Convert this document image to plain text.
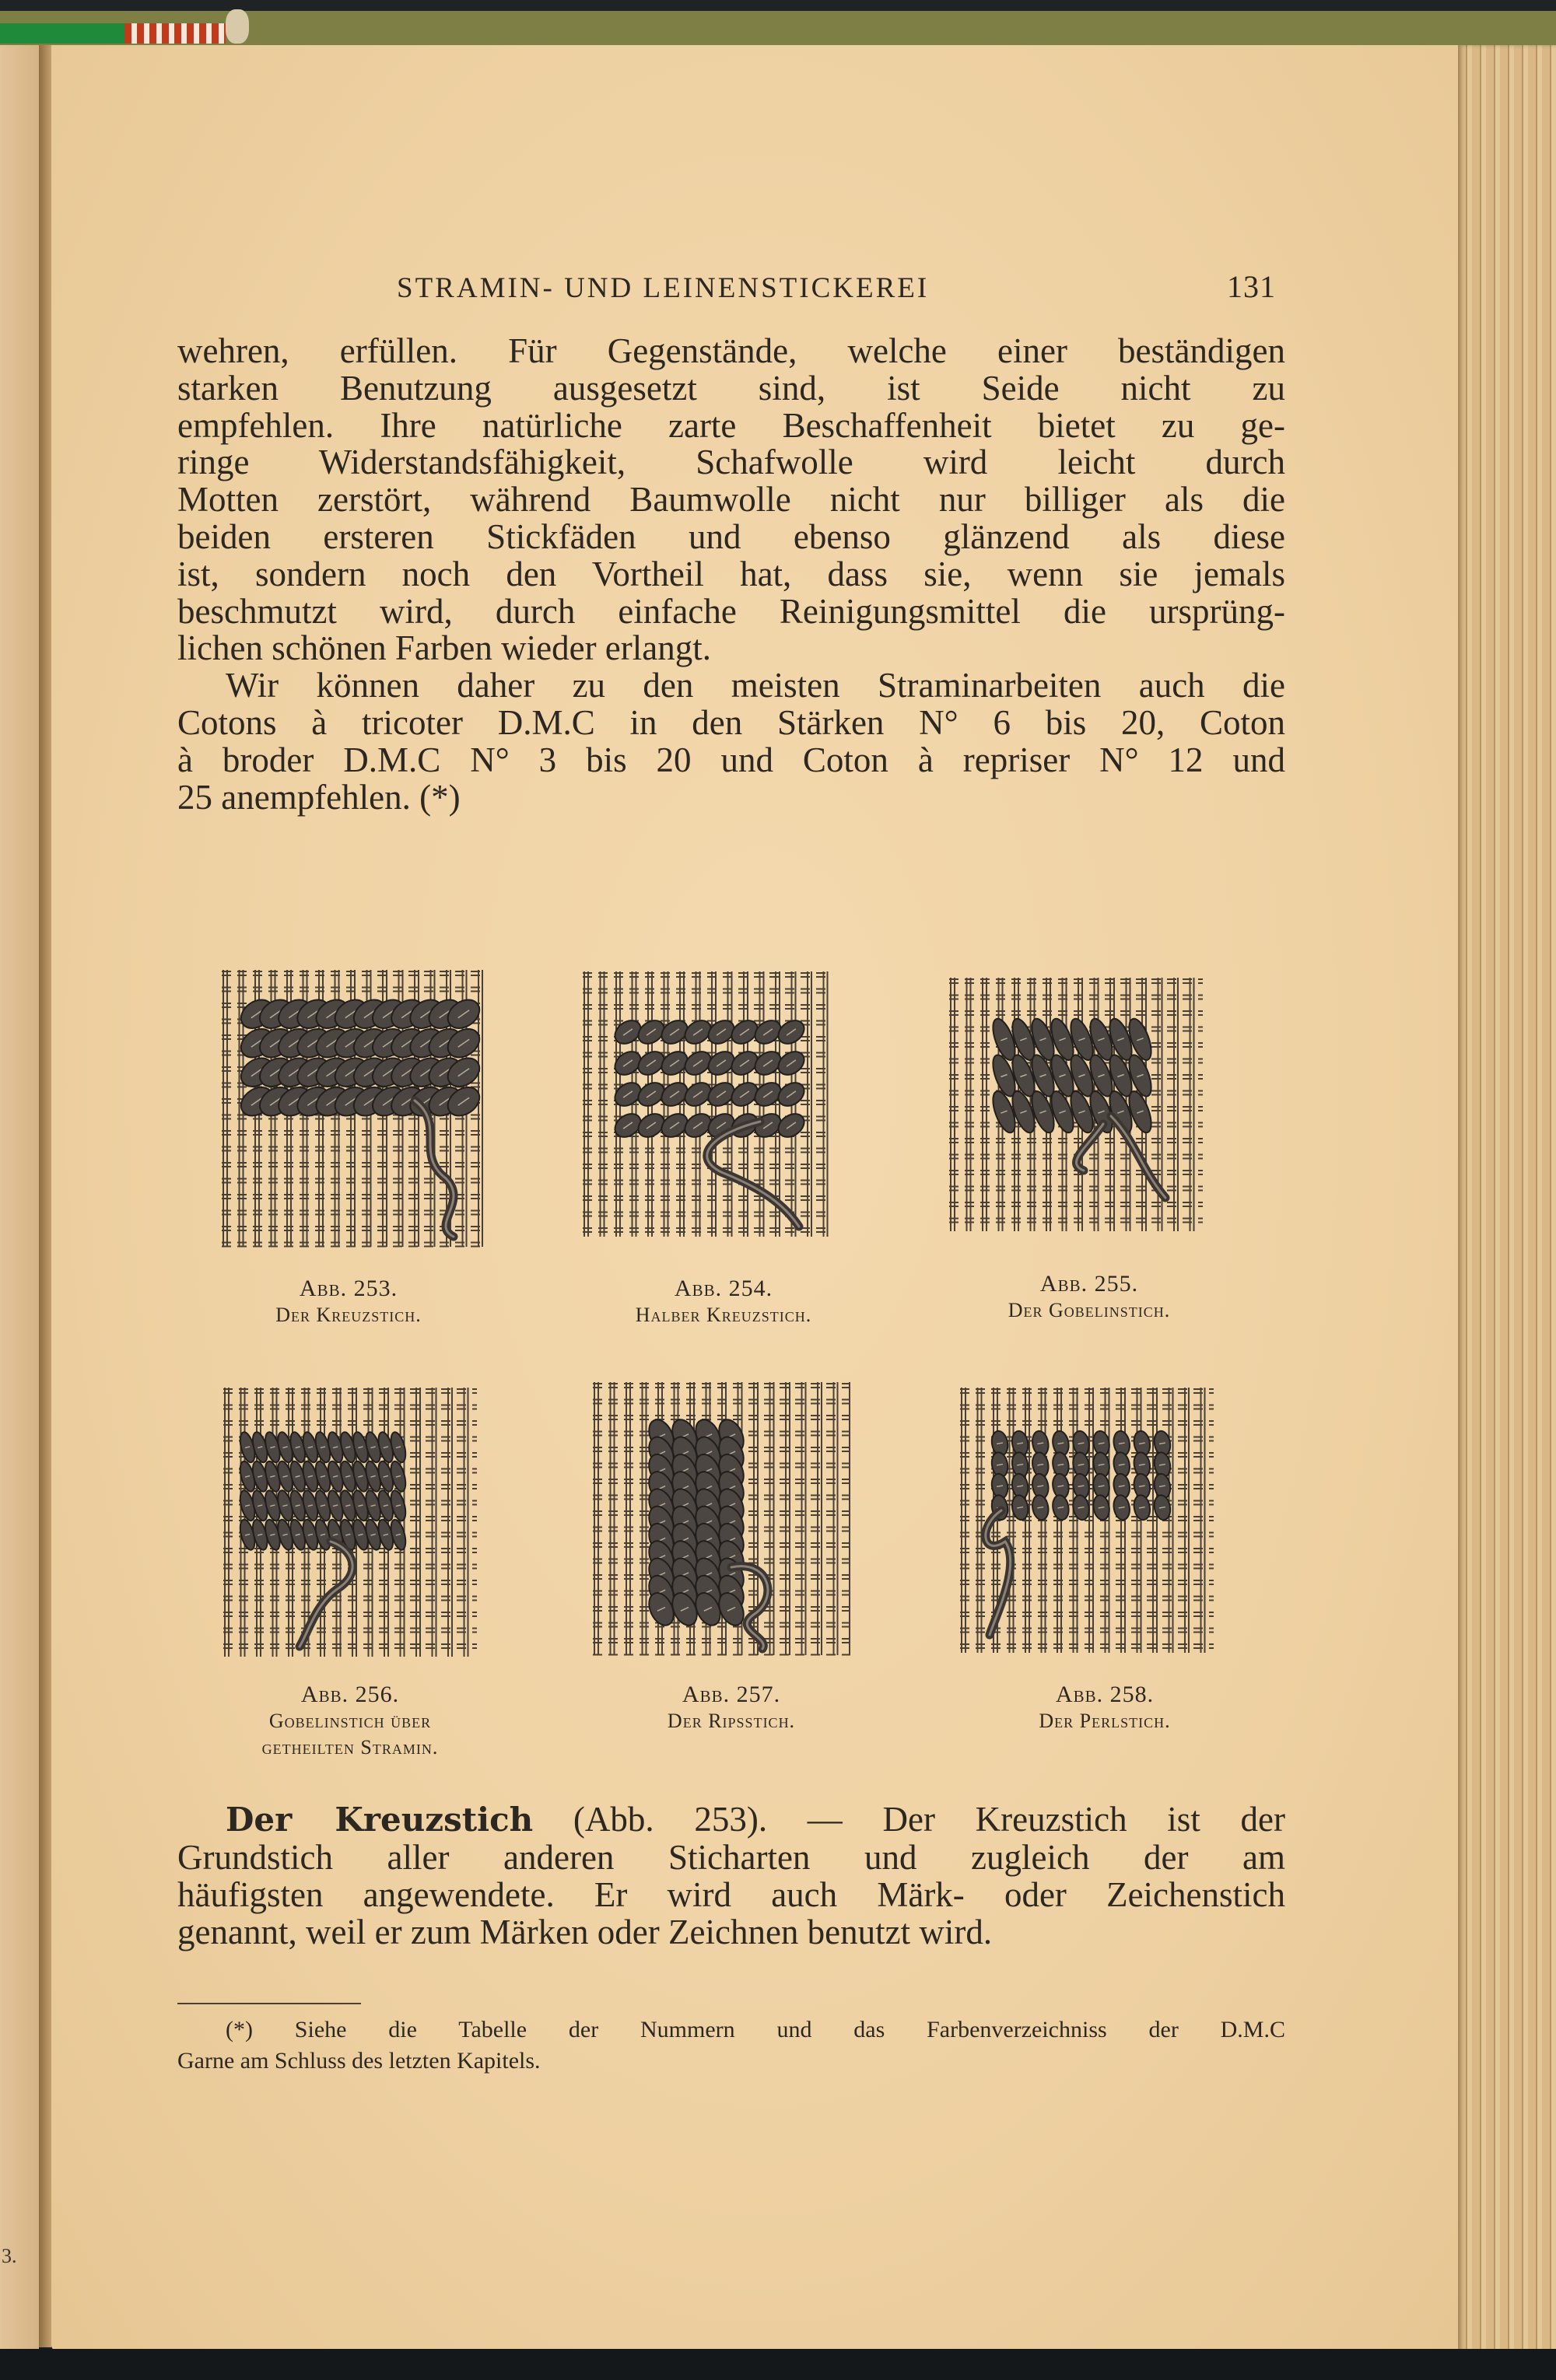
3.
STRAMIN- UND LEINENSTICKEREI	131

wehren, erfüllen. Für Gegenstände, welche einer beständigen
starken Benutzung ausgesetzt sind, ist Seide nicht zu
empfehlen. Ihre natürliche zarte Beschaffenheit bietet zu ge-
ringe Widerstandsfähigkeit, Schafwolle wird leicht durch
Motten zerstört, während Baumwolle nicht nur billiger als die
beiden ersteren Stickfäden und ebenso glänzend als diese
ist, sondern noch den Vortheil hat, dass sie, wenn sie jemals
beschmutzt wird, durch einfache Reinigungsmittel die ursprüng-
lichen schönen Farben wieder erlangt.

Wir können daher zu den meisten Straminarbeiten auch die
Cotons à tricoter D.M.C in den Stärken N° 6 bis 20, Coton
à broder D.M.C N° 3 bis 20 und Coton à repriser N° 12 und
25 anempfehlen. (*)

Abb. 253.
Der Kreuzstich.
Abb. 254.
Halber Kreuzstich.
Abb. 255.
Der Gobelinstich.
Abb. 256.
Gobelinstich über
getheilten Stramin.
Abb. 257.
Der Ripsstich.
Abb. 258.
Der Perlstich.
Der Kreuzstich (Abb. 253). — Der Kreuzstich ist der
Grundstich aller anderen Sticharten und zugleich der am
häufigsten angewendete. Er wird auch Märk- oder Zeichenstich
genannt, weil er zum Märken oder Zeichnen benutzt wird.
(*) Siehe die Tabelle der Nummern und das Farbenverzeichniss der D.M.C
Garne am Schluss des letzten Kapitels.
